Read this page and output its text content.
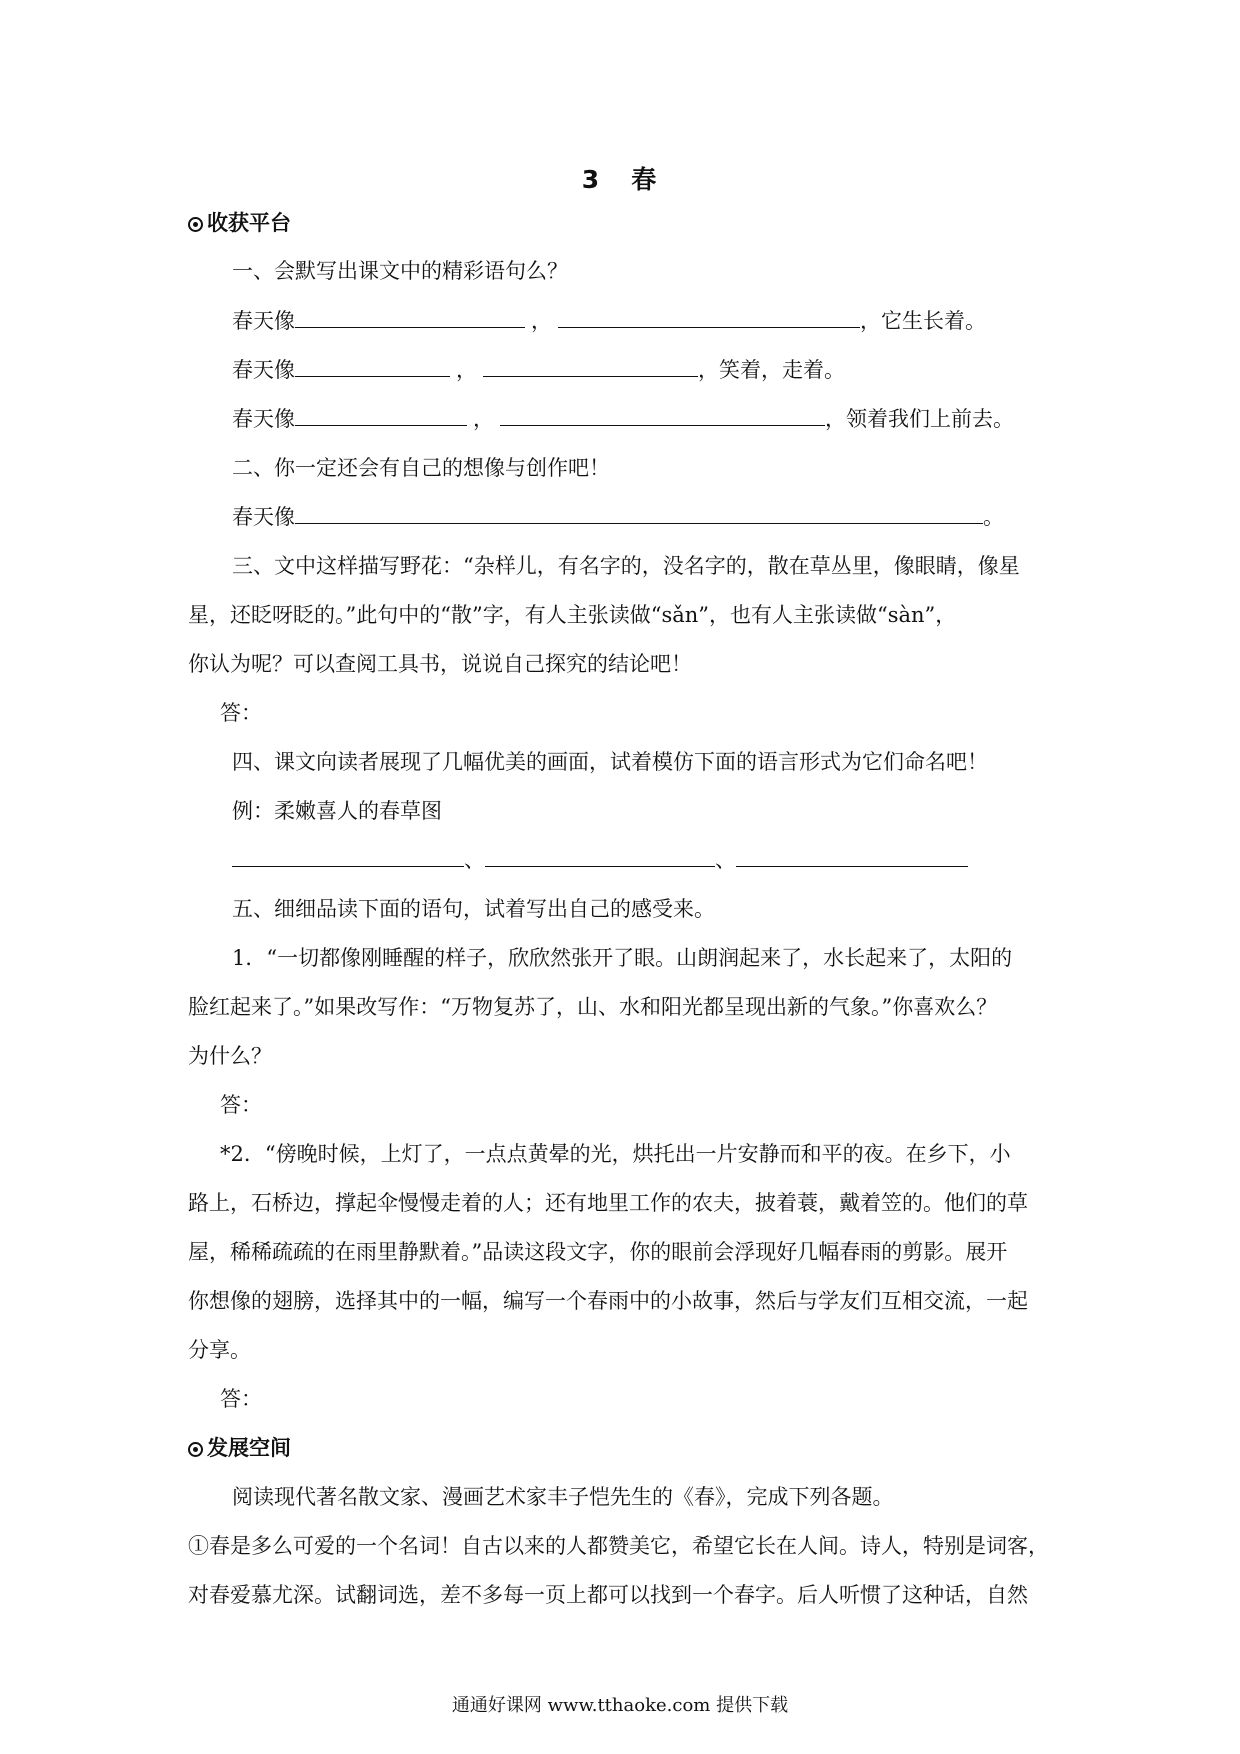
3 春
收获平台
一、会默写出课文中的精彩语句么？
春天像	，	，它生长着。
春天像	，	，笑着，走着。
春天像	，	，领着我们上前去。
二、你一定还会有自己的想像与创作吧！
春天像	。
三、文中这样描写野花：“杂样儿，有名字的，没名字的，散在草丛里，像眼睛，像星
星，还眨呀眨的。”此句中的“散”字，有人主张读做“sǎn”，也有人主张读做“sàn”，
你认为呢？可以查阅工具书，说说自己探究的结论吧！
答：
四、课文向读者展现了几幅优美的画面，试着模仿下面的语言形式为它们命名吧！
例：柔嫩喜人的春草图
、	、
五、细细品读下面的语句，试着写出自己的感受来。
1．“一切都像刚睡醒的样子，欣欣然张开了眼。山朗润起来了，水长起来了，太阳的
脸红起来了。”如果改写作：“万物复苏了，山、水和阳光都呈现出新的气象。”你喜欢么？
为什么？
答：
*2．“傍晚时候，上灯了，一点点黄晕的光，烘托出一片安静而和平的夜。在乡下，小
路上，石桥边，撑起伞慢慢走着的人；还有地里工作的农夫，披着蓑，戴着笠的。他们的草
屋，稀稀疏疏的在雨里静默着。”品读这段文字，你的眼前会浮现好几幅春雨的剪影。展开
你想像的翅膀，选择其中的一幅，编写一个春雨中的小故事，然后与学友们互相交流，一起
分享。
答：
发展空间
阅读现代著名散文家、漫画艺术家丰子恺先生的《春》，完成下列各题。
①春是多么可爱的一个名词！自古以来的人都赞美它，希望它长在人间。诗人，特别是词客，
对春爱慕尤深。试翻词选，差不多每一页上都可以找到一个春字。后人听惯了这种话，自然
通通好课网 www.tthaoke.com 提供下载
